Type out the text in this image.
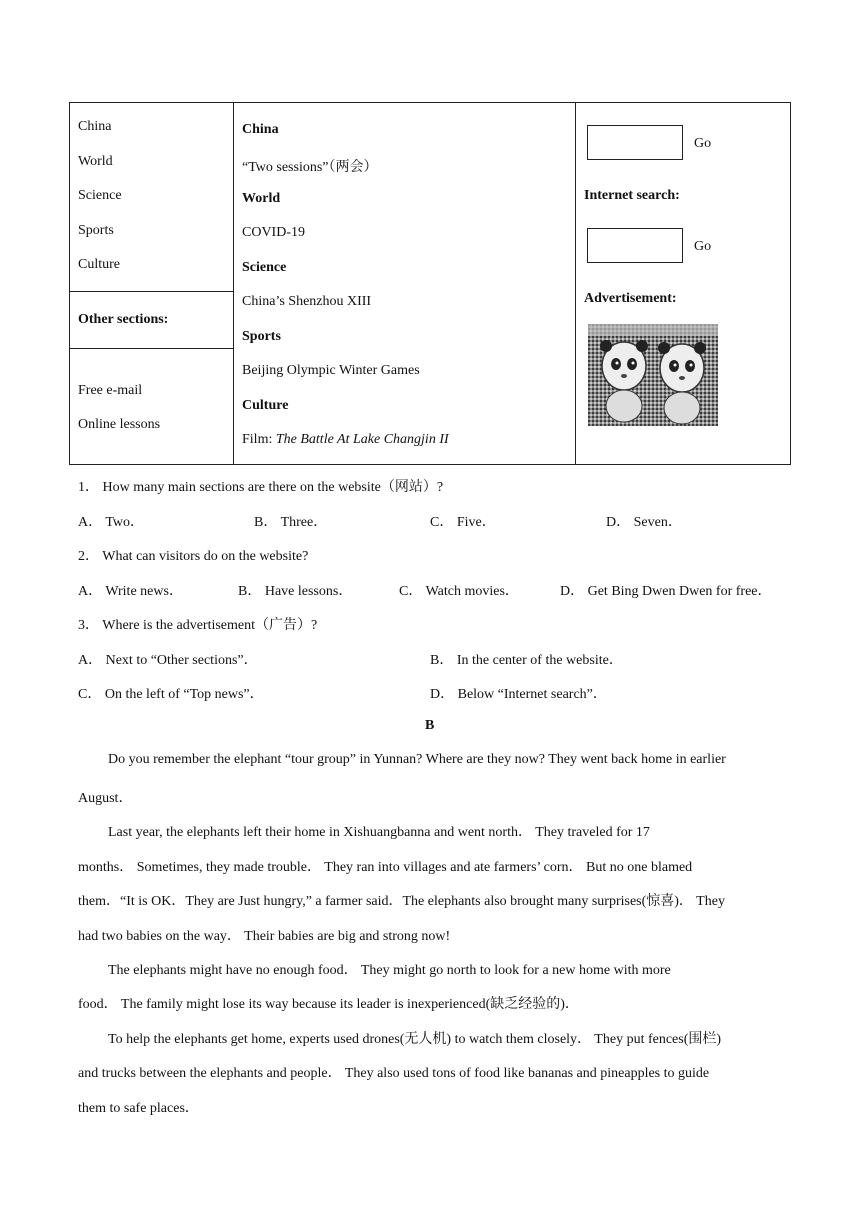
China
World
Science
Sports
Culture
Other sections:
Free e-mail
Online lessons
China
“Two sessions”（两会）
World
COVID-19
Science
China’s Shenzhou XIII
Sports
Beijing Olympic Winter Games
Culture
Film: The Battle At Lake Changjin II
Go
Internet search:
Go
Advertisement:
1． How many main sections are there on the website（网站）?
A． Two．	B． Three．	C． Five．	D． Seven．
2． What can visitors do on the website?
A． Write news．	B． Have lessons．	C． Watch movies．	D． Get Bing Dwen Dwen for free．
3． Where is the advertisement（广告）?
A． Next to “Other sections”．	B． In the center of the website．
C． On the left of “Top news”．	D． Below “Internet search”．
B
Do you remember the elephant “tour group” in Yunnan? Where are they now? They went back home in earlier
August．
Last year, the elephants left their home in Xishuangbanna and went north． They traveled for 17
months． Sometimes, they made trouble． They ran into villages and ate farmers’ corn． But no one blamed
them．“It is OK．They are Just hungry,” a farmer said．The elephants also brought many surprises(惊喜)． They
had two babies on the way． Their babies are big and strong now!
The elephants might have no enough food． They might go north to look for a new home with more
food． The family might lose its way because its leader is inexperienced(缺乏经验的)．
To help the elephants get home, experts used drones(无人机) to watch them closely． They put fences(围栏)
and trucks between the elephants and people． They also used tons of food like bananas and pineapples to guide
them to safe places．
